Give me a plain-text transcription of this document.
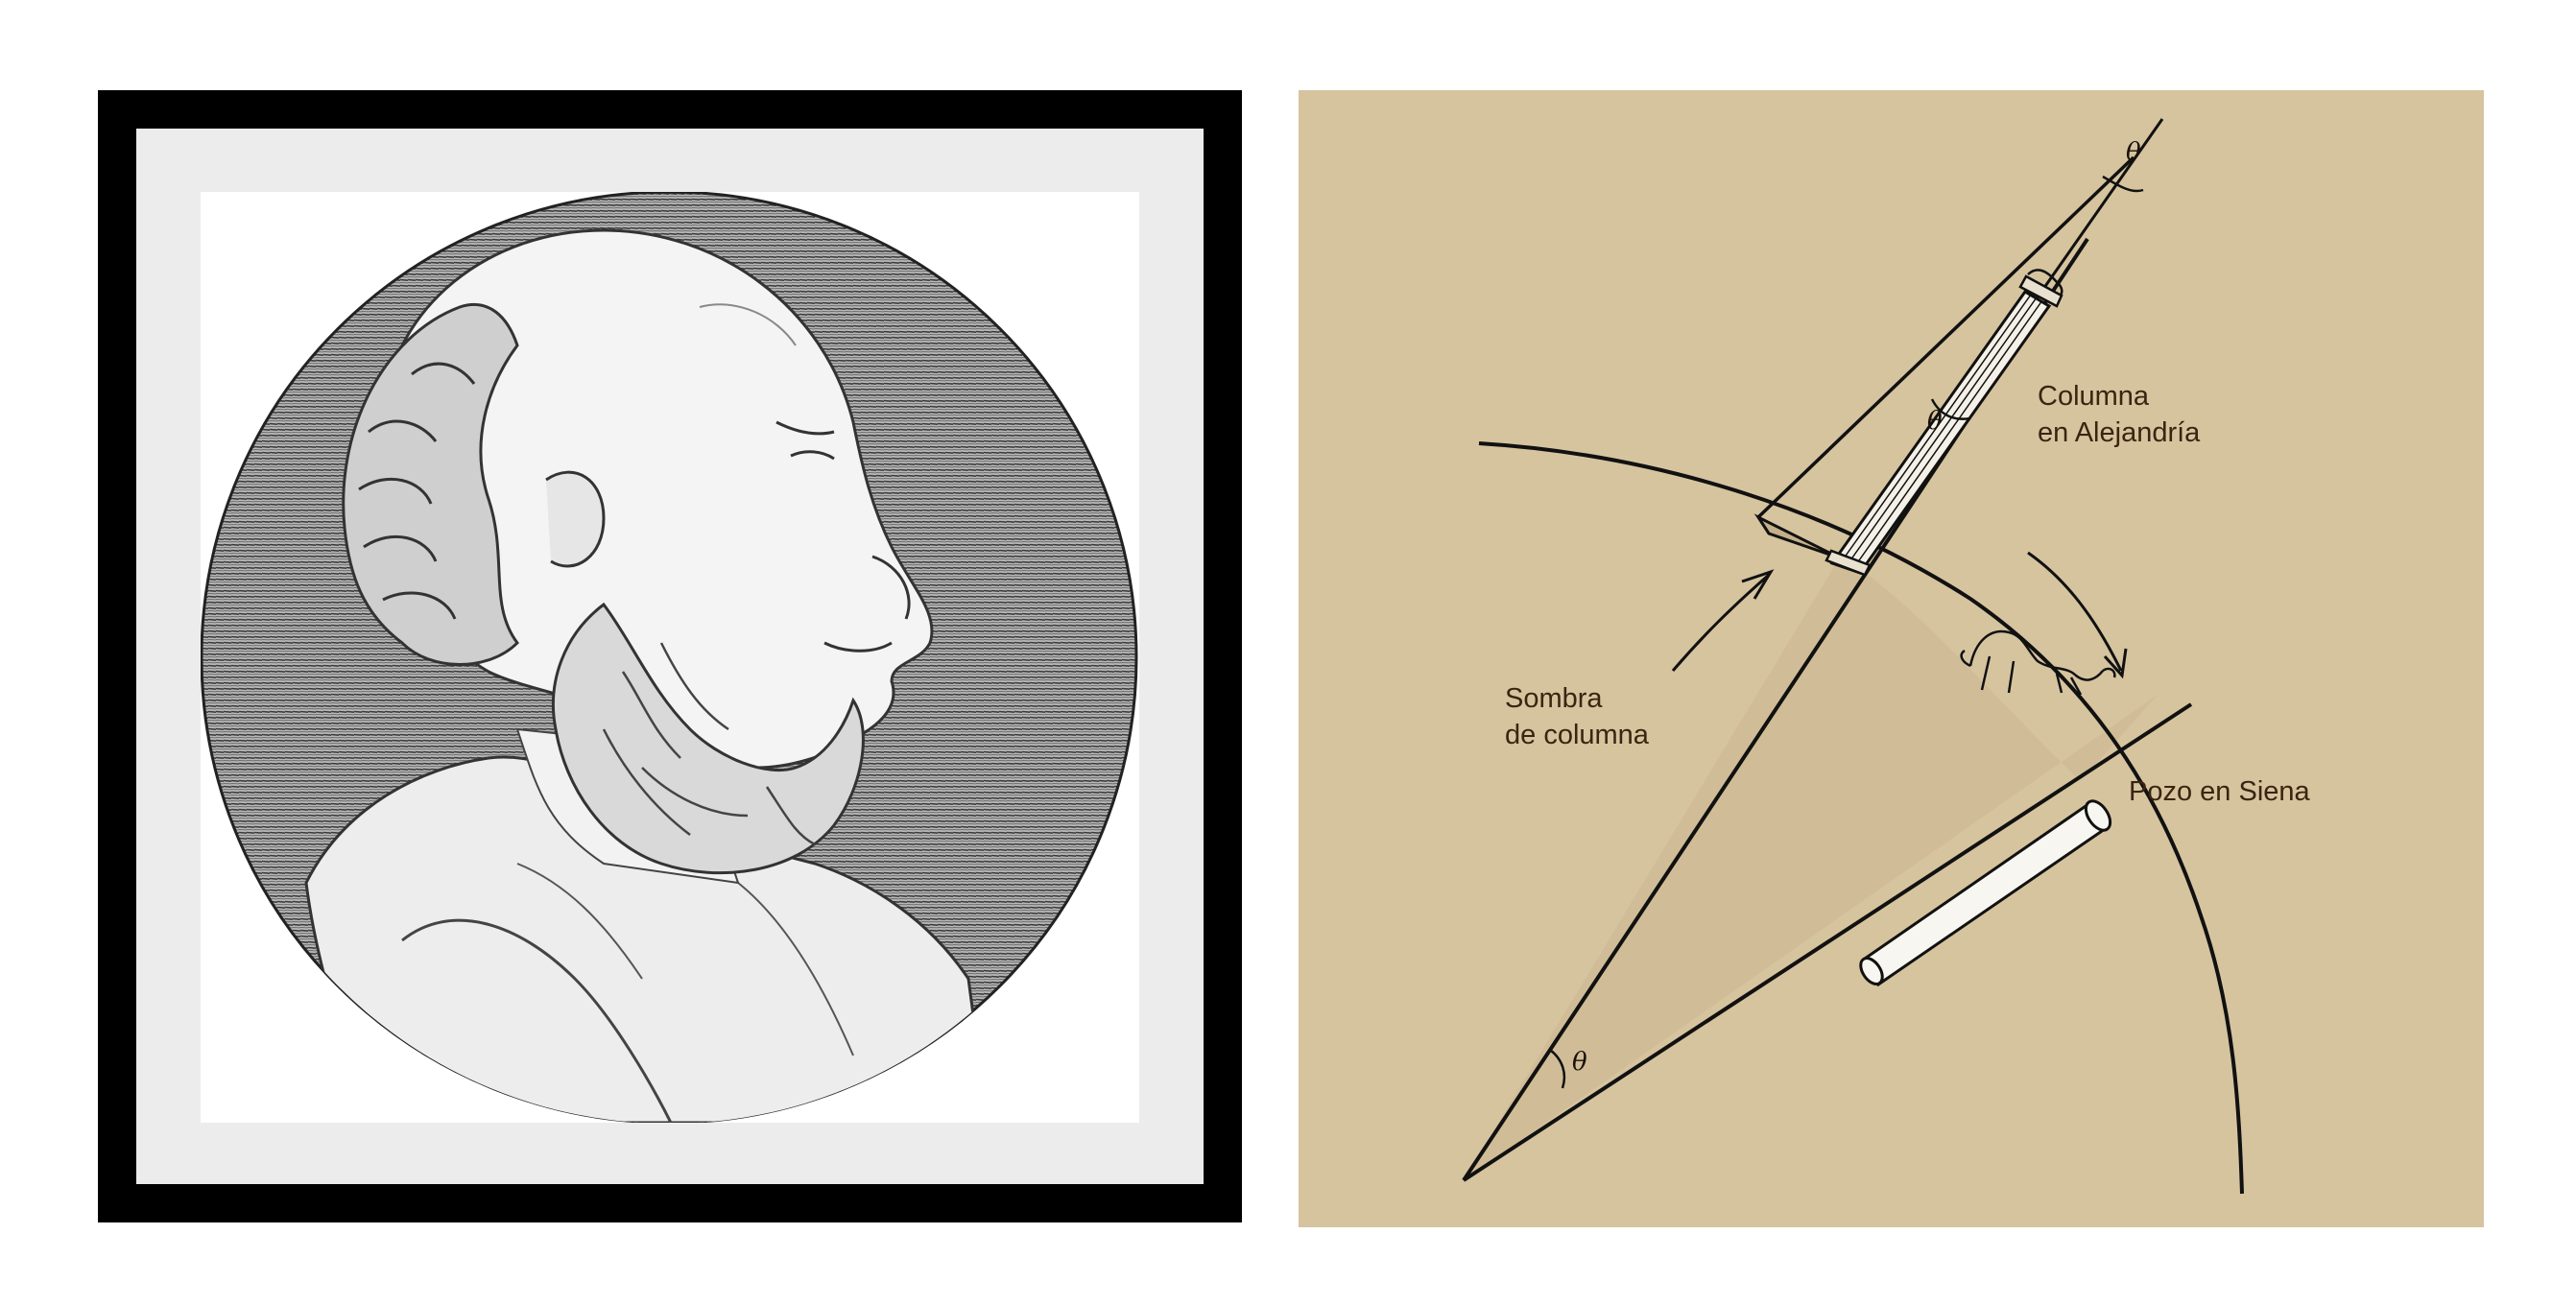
θ
θ
θ
Columna
en Alejandría
Sombra
de columna
Pozo en Siena
